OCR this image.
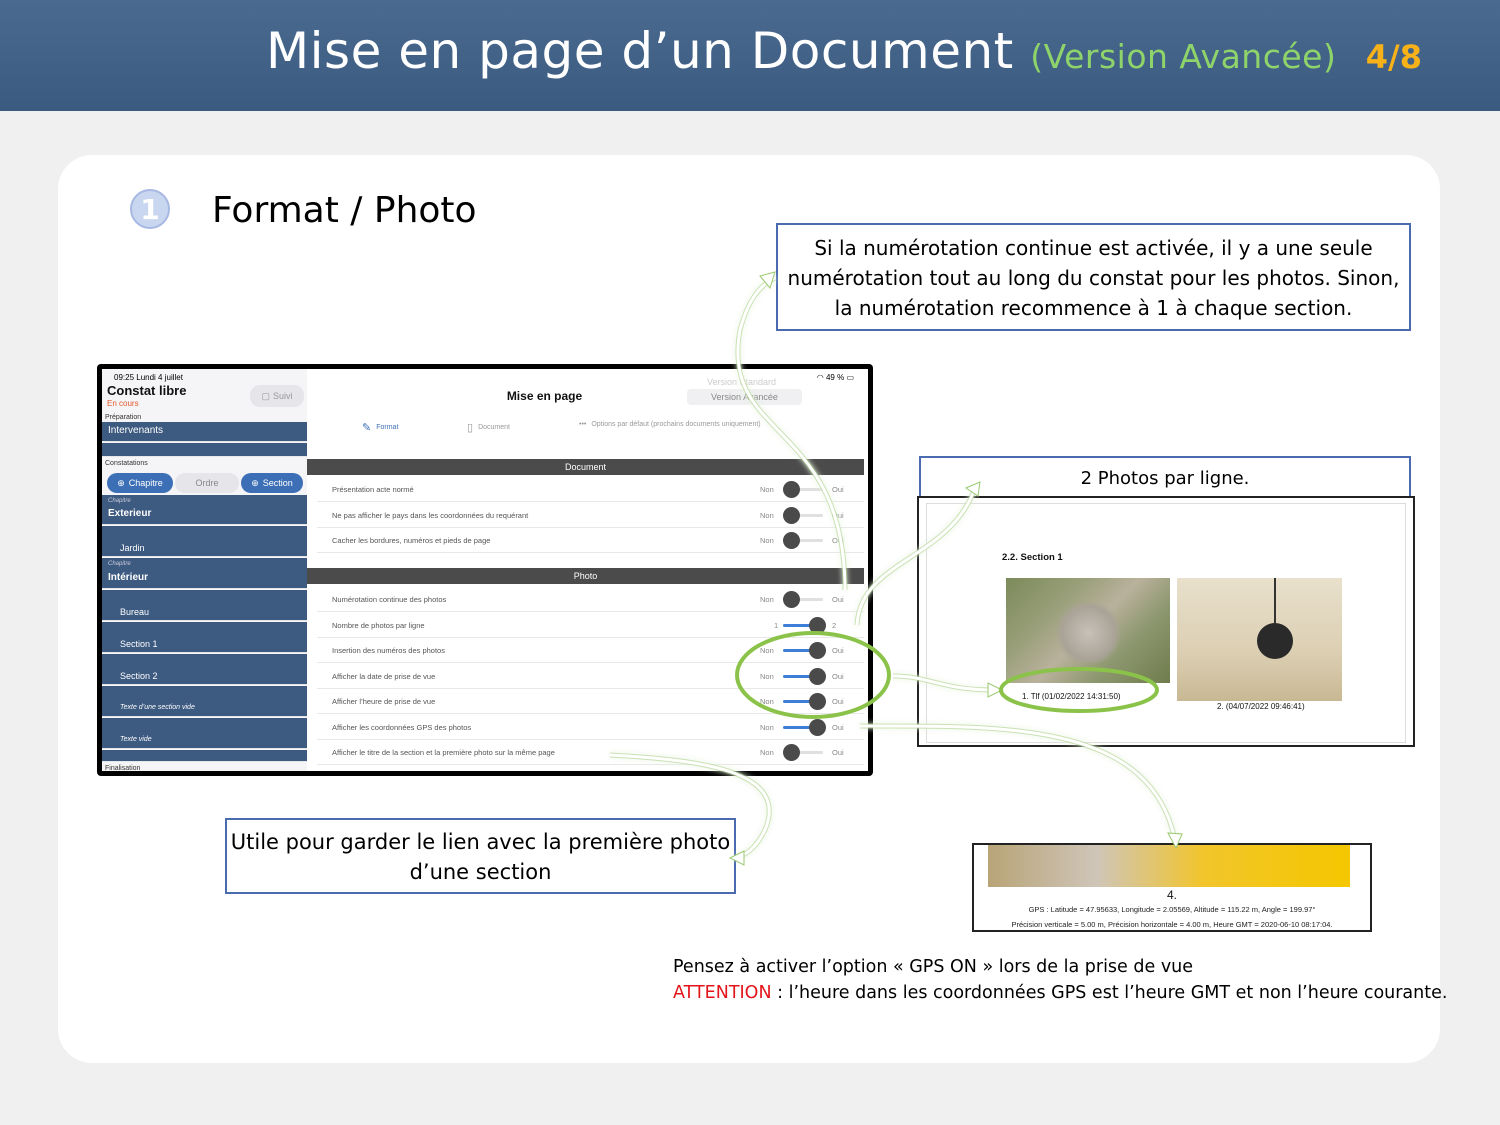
Mise en page d’un Document (Version Avancée) 4/8
1 Format / Photo
Si la numérotation continue est activée, il y a une seule numérotation tout au long du constat pour les photos. Sinon, la numérotation recommence à 1 à chaque section.
09:25 Lundi 4 juillet
Constat libre
En cours
▢ Suivi
Préparation
Intervenants
Constatations
⊕ Chapitre	Ordre	⊕ Section
Chapitre
Exterieur
Jardin
Chapitre
Intérieur
Bureau
Section 1
Section 2
Texte d’une section vide
Texte vide
Finalisation
◠ 49 % ▭
Version Standard
Version Avancée
Mise en page
✎ Format	▯ Document	••• Options par défaut (prochains documents uniquement)
Document
Présentation acte normé	Non	Oui
Ne pas afficher le pays dans les coordonnées du requérant	Non	Oui
Cacher les bordures, numéros et pieds de page	Non	Oui
Photo
Numérotation continue des photos	Non	Oui
Nombre de photos par ligne	1	2
Insertion des numéros des photos	Non	Oui
Afficher la date de prise de vue	Non	Oui
Afficher l’heure de prise de vue	Non	Oui
Afficher les coordonnées GPS des photos	Non	Oui
Afficher le titre de la section et la première photo sur la même page	Non	Oui
2 Photos par ligne.
2.2. Section 1
1. Tlf (01/02/2022 14:31:50)
2. (04/07/2022 09:46:41)
Utile pour garder le lien avec la première photo d’une section
4.
GPS : Latitude = 47.95633, Longitude = 2.05569, Altitude = 115.22 m, Angle = 199.97°
Précision verticale = 5.00 m, Précision horizontale = 4.00 m, Heure GMT = 2020-06-10 08:17:04.
Pensez à activer l’option « GPS ON » lors de la prise de vue
ATTENTION : l’heure dans les coordonnées GPS est l’heure GMT et non l’heure courante.
